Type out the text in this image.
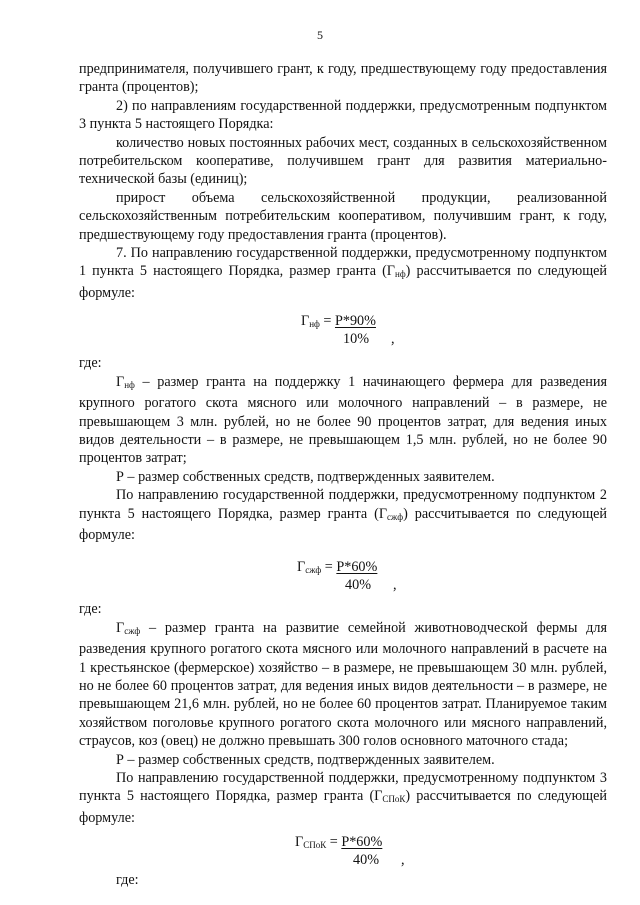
5

предпринимателя, получившего грант, к году, предшествующему году предоставления гранта (процентов);

2) по направлениям государственной поддержки, предусмотренным подпунктом 3 пункта 5 настоящего Порядка:

количество новых постоянных рабочих мест, созданных в сельскохозяйственном потребительском кооперативе, получившем грант для развития материально-технической базы (единиц);

прирост объема сельскохозяйственной продукции, реализованной сельскохозяйственным потребительским кооперативом, получившим грант, к году, предшествующему году предоставления гранта (процентов).

7. По направлению государственной поддержки, предусмотренному подпунктом 1 пункта 5 настоящего Порядка, размер гранта $(Г_{нф})$ рассчитывается по следующей формуле:

$Г_{нф} = Р*90\%$
10% ,

где:

$Г_{нф}$ – размер гранта на поддержку 1 начинающего фермера для разведения крупного рогатого скота мясного или молочного направлений – в размере, не превышающем 3 млн. рублей, но не более 90 процентов затрат, для ведения иных видов деятельности – в размере, не превышающем 1,5 млн. рублей, но не более 90 процентов затрат;

Р – размер собственных средств, подтвержденных заявителем.

По направлению государственной поддержки, предусмотренному подпунктом 2 пункта 5 настоящего Порядка, размер гранта $(Г_{сжф})$ рассчитывается по следующей формуле:

$Г_{сжф} = Р*60\%$
40% ,

где:

$Г_{сжф}$ – размер гранта на развитие семейной животноводческой фермы для разведения крупного рогатого скота мясного или молочного направлений в расчете на 1 крестьянское (фермерское) хозяйство – в размере, не превышающем 30 млн. рублей, но не более 60 процентов затрат, для ведения иных видов деятельности – в размере, не превышающем 21,6 млн. рублей, но не более 60 процентов затрат. Планируемое таким хозяйством поголовье крупного рогатого скота молочного или мясного направлений, страусов, коз (овец) не должно превышать 300 голов основного маточного стада;

Р – размер собственных средств, подтвержденных заявителем.

По направлению государственной поддержки, предусмотренному подпунктом 3 пункта 5 настоящего Порядка, размер гранта $(Г_{СПоК})$ рассчитывается по следующей формуле:

$Г_{СПоК} = Р*60\%$
40% ,

где:
